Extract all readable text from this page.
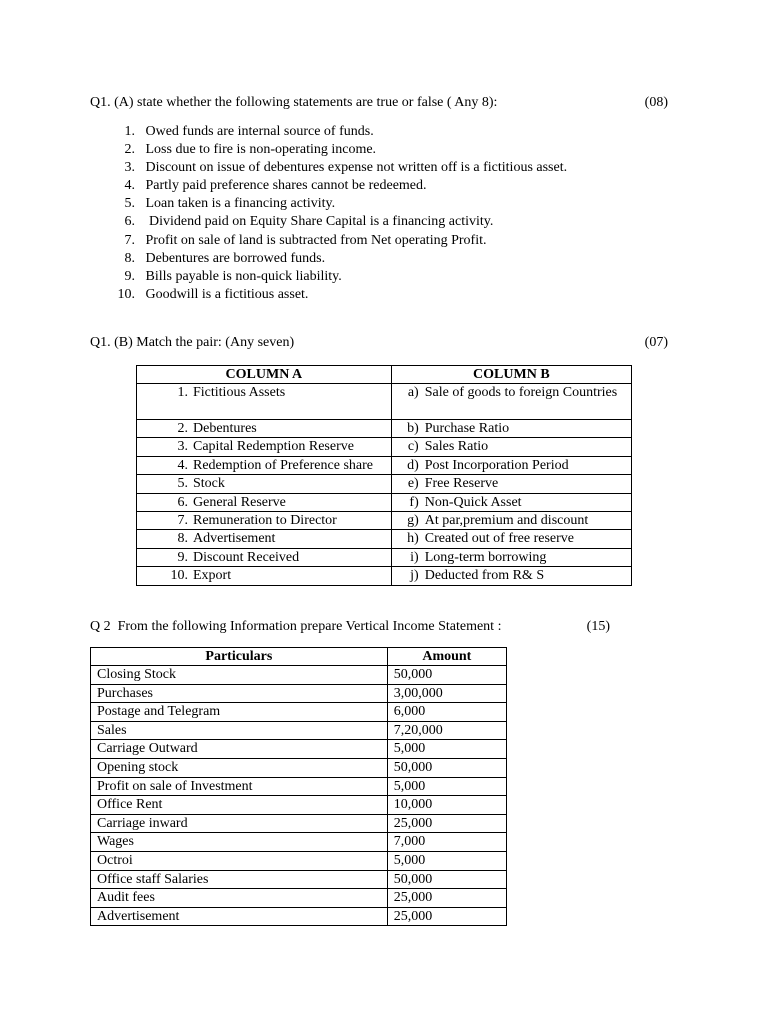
Q1. (A) state whether the following statements are true or false ( Any 8):	(08)
1.
Owed funds are internal source of funds.
2.
Loss due to fire is non-operating income.
3.
Discount on issue of debentures expense not written off is a fictitious asset.
4.
Partly paid preference shares cannot be redeemed.
5.
Loan taken is a financing activity.
6.
Dividend paid on Equity Share Capital is a financing activity.
7.
Profit on sale of land is subtracted from Net operating Profit.
8.
Debentures are borrowed funds.
9.
Bills payable is non-quick liability.
10.
Goodwill is a fictitious asset.
Q1. (B) Match the pair: (Any seven)	(07)
COLUMN A	COLUMN B

1. Fictitious Assets	a) Sale of goods to foreign Countries

2. Debentures	b) Purchase Ratio

3. Capital Redemption Reserve	c) Sales Ratio

4. Redemption of Preference share	d) Post Incorporation Period

5. Stock	e) Free Reserve

6. General Reserve	f) Non-Quick Asset

7. Remuneration to Director	g) At par,premium and discount

8. Advertisement	h) Created out of free reserve

9. Discount Received	i) Long-term borrowing

10. Export	j) Deducted from R& S
Q 2  From the following Information prepare Vertical Income Statement :	(15)
Particulars	Amount
Closing Stock	50,000
Purchases	3,00,000
Postage and Telegram	6,000
Sales	7,20,000
Carriage Outward	5,000
Opening stock	50,000
Profit on sale of Investment	5,000
Office Rent	10,000
Carriage inward	25,000
Wages	7,000
Octroi	5,000
Office staff Salaries	50,000
Audit fees	25,000
Advertisement	25,000
